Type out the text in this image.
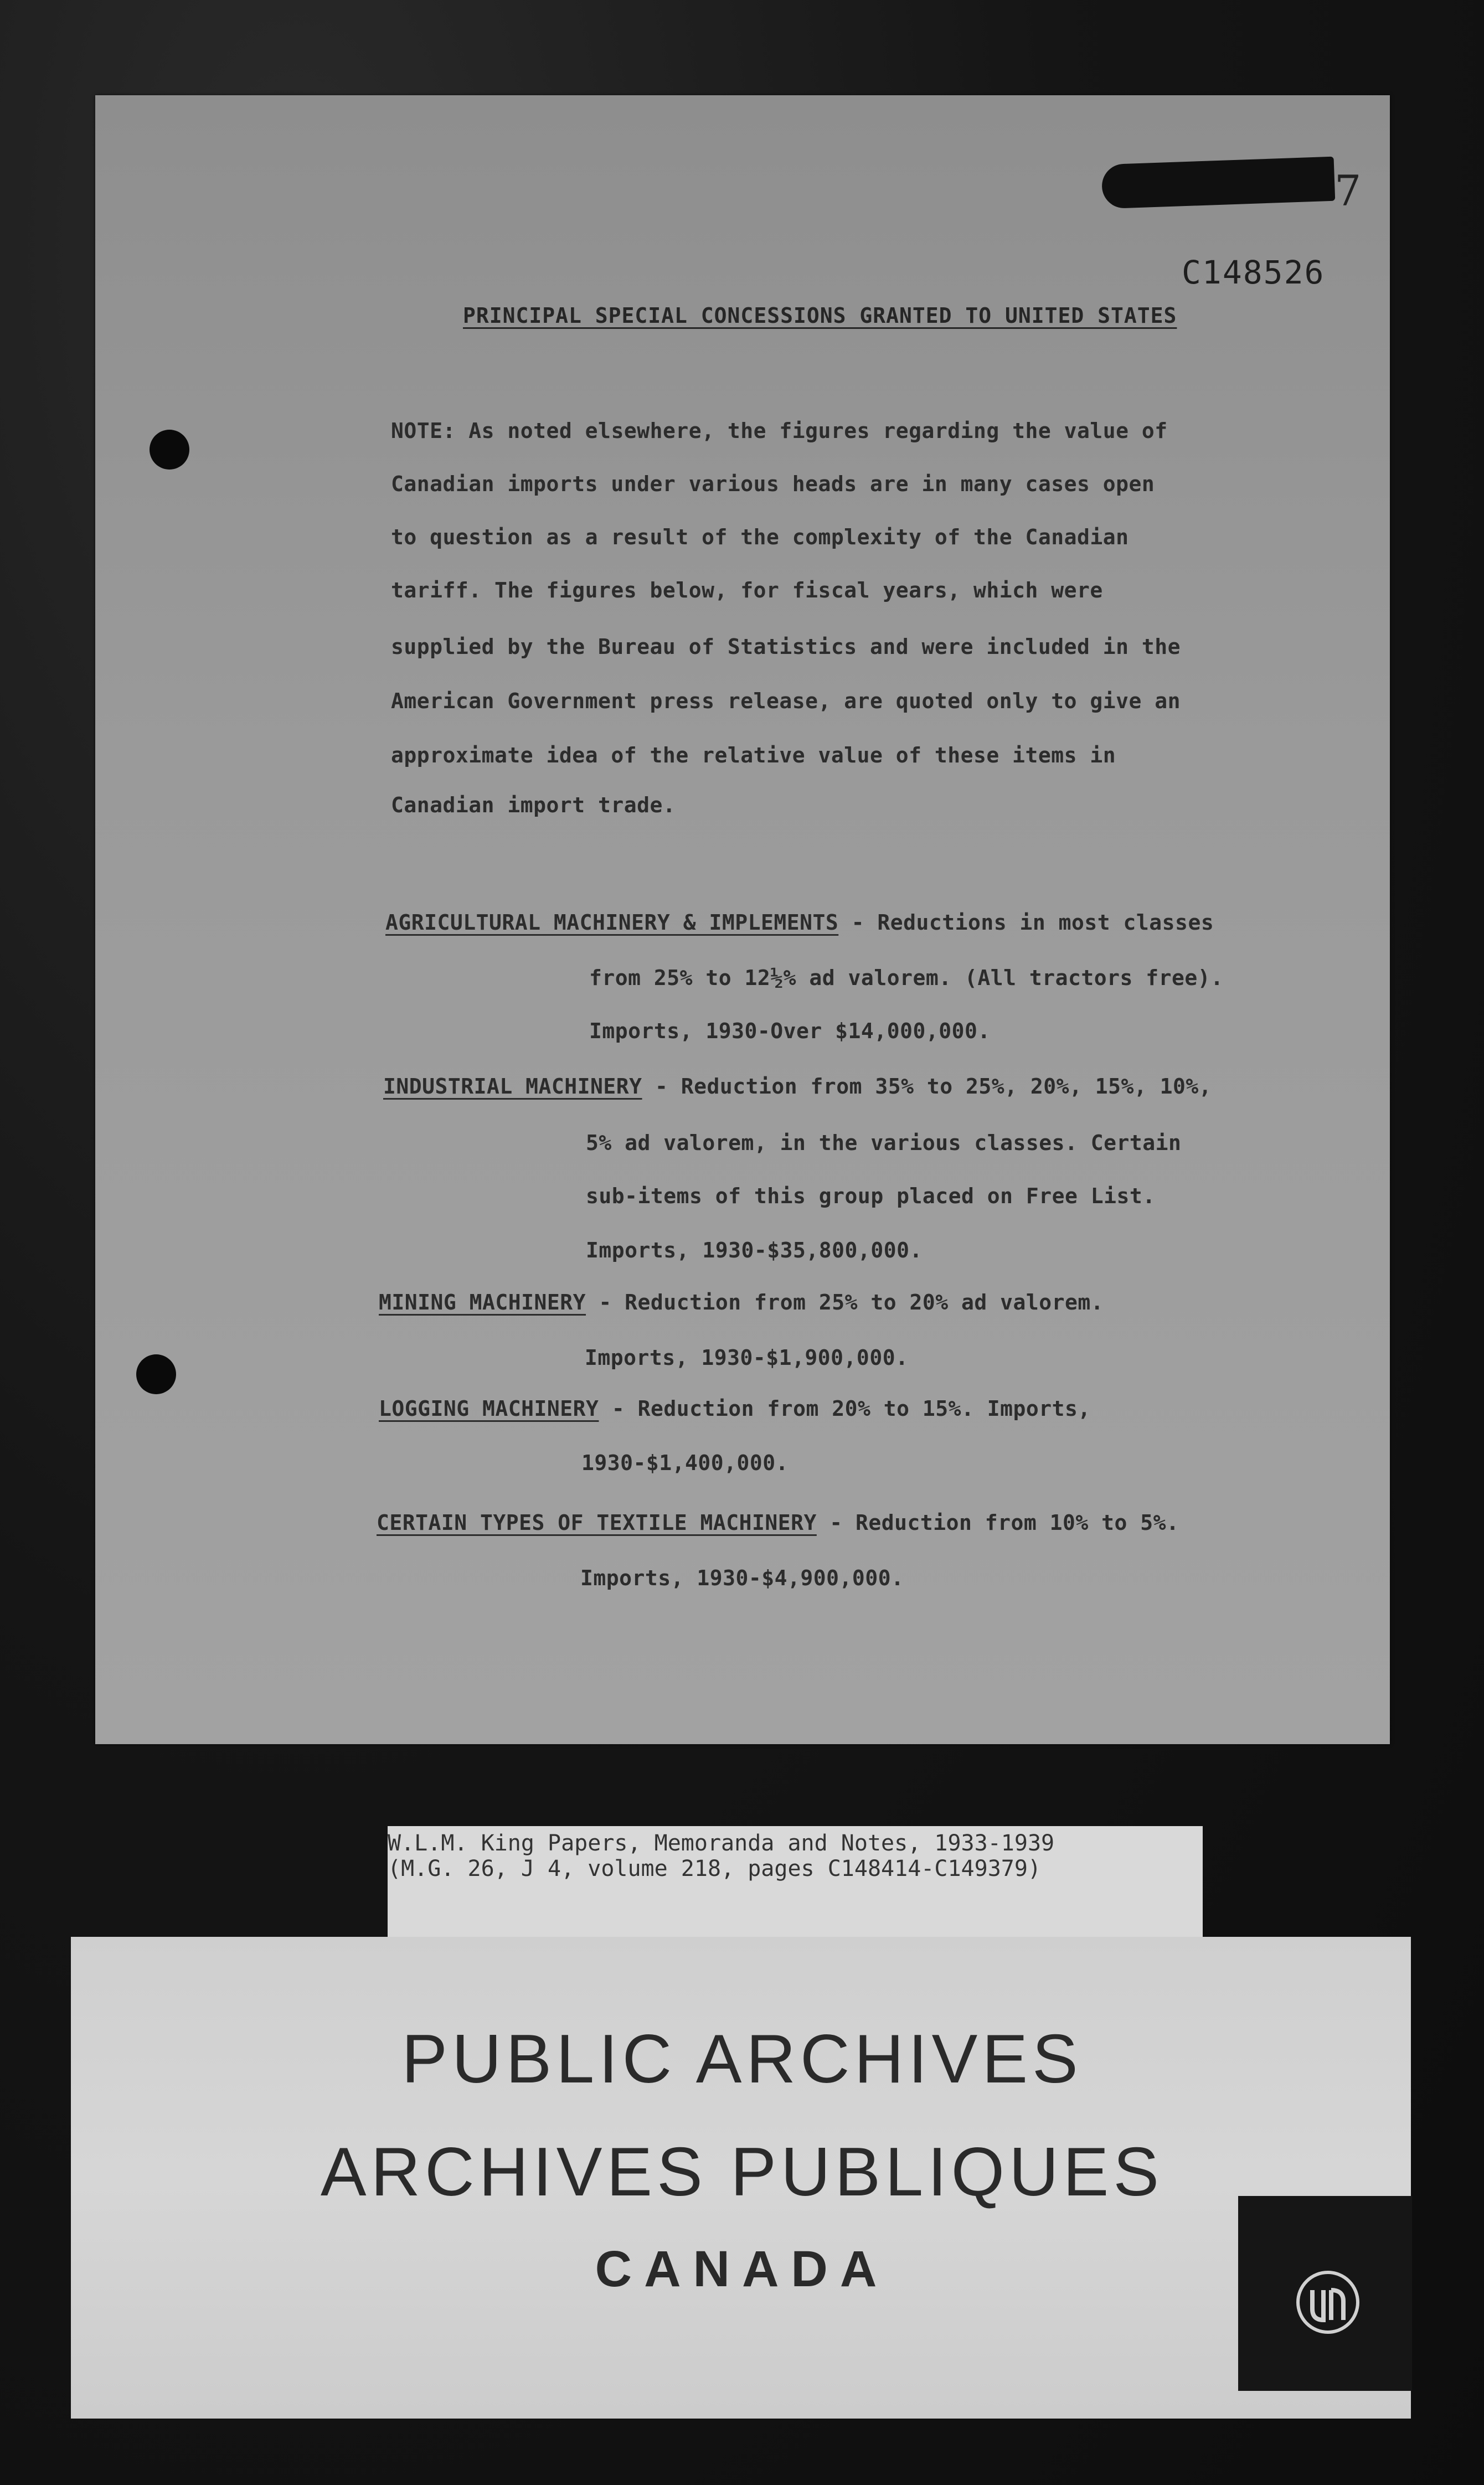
7
C148526
PRINCIPAL SPECIAL CONCESSIONS GRANTED TO UNITED STATES
NOTE: As noted elsewhere, the figures regarding the value of
Canadian imports under various heads are in many cases open
to question as a result of the complexity of the Canadian
tariff. The figures below, for fiscal years, which were
supplied by the Bureau of Statistics and were included in the
American Government press release, are quoted only to give an
approximate idea of the relative value of these items in
Canadian import trade.
AGRICULTURAL MACHINERY & IMPLEMENTS - Reductions in most classes
from 25% to 12½% ad valorem. (All tractors free).
Imports, 1930-Over $14,000,000.
INDUSTRIAL MACHINERY - Reduction from 35% to 25%, 20%, 15%, 10%,
5% ad valorem, in the various classes. Certain
sub-items of this group placed on Free List.
Imports, 1930-$35,800,000.
MINING MACHINERY - Reduction from 25% to 20% ad valorem.
Imports, 1930-$1,900,000.
LOGGING MACHINERY - Reduction from 20% to 15%. Imports,
1930-$1,400,000.
CERTAIN TYPES OF TEXTILE MACHINERY - Reduction from 10% to 5%.
Imports, 1930-$4,900,000.
W.L.M. King Papers, Memoranda and Notes, 1933-1939
(M.G. 26, J 4, volume 218, pages C148414-C149379)
PUBLIC ARCHIVES
ARCHIVES PUBLIQUES
CANADA
